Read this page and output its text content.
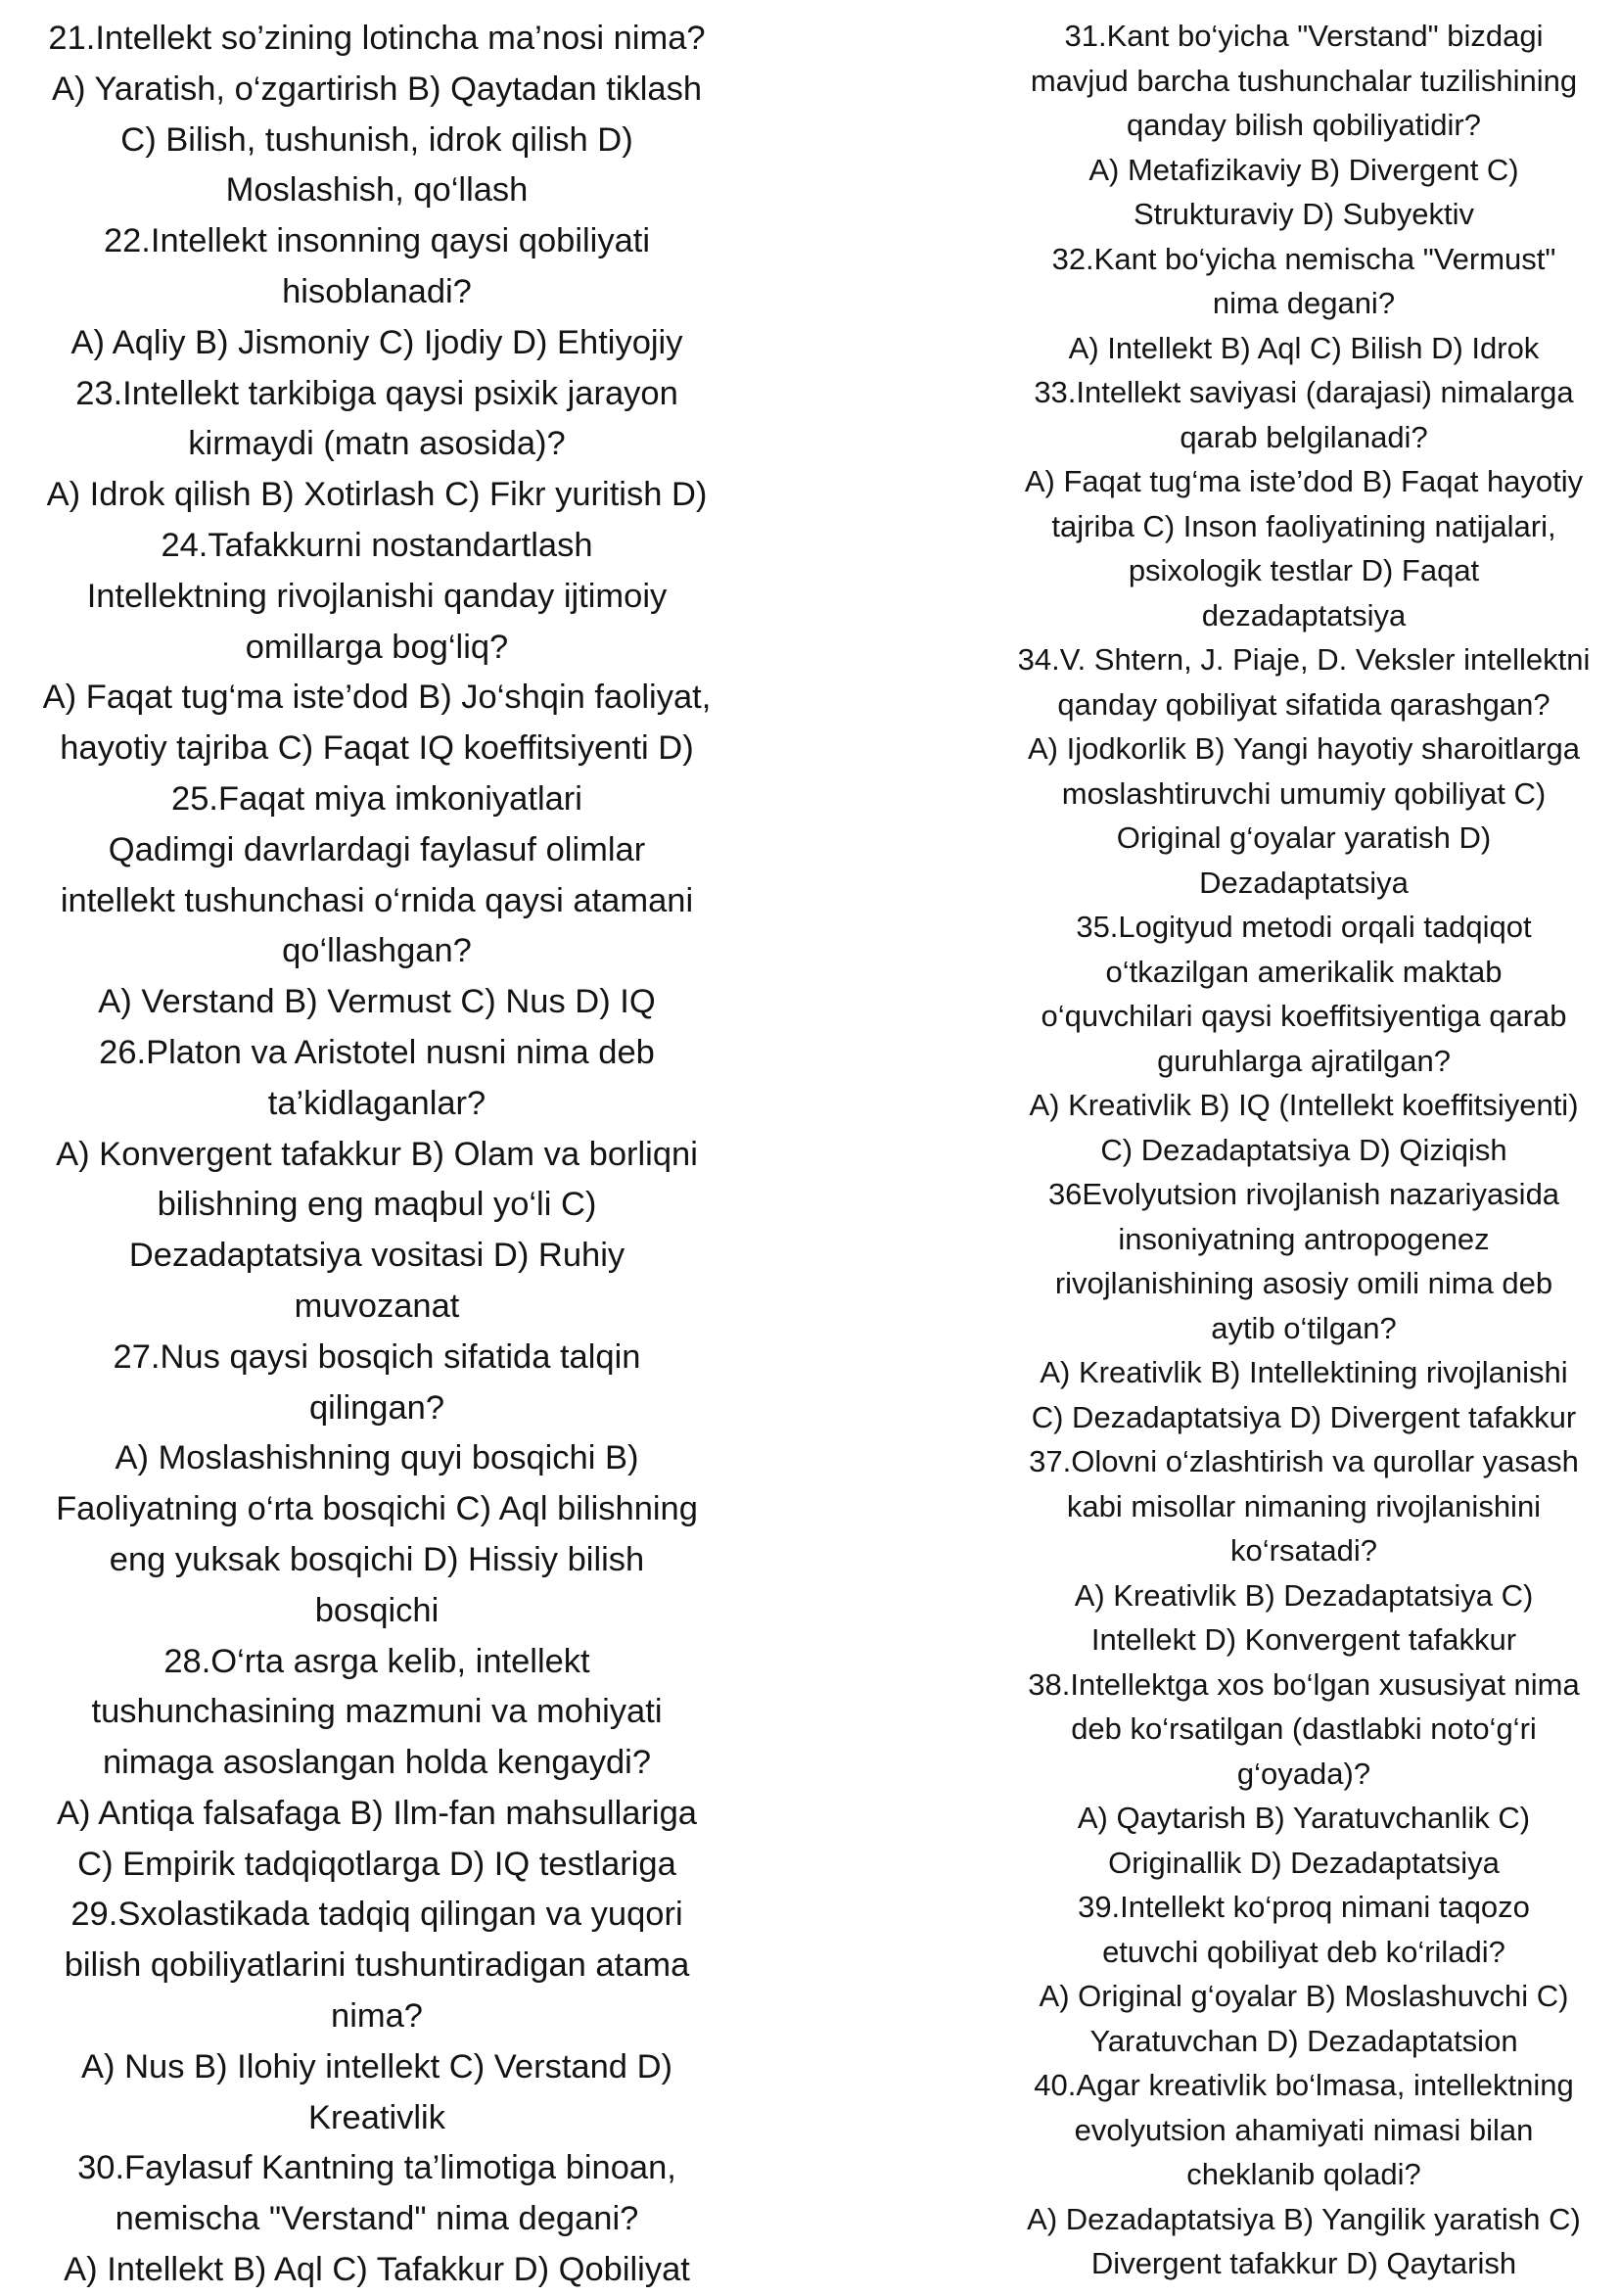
21.Intellekt so’zining lotincha ma’nosi nima?
A) Yaratish, o‘zgartirish B) Qaytadan tiklash
C) Bilish, tushunish, idrok qilish D)
Moslashish, qo‘llash
22.Intellekt insonning qaysi qobiliyati
hisoblanadi?
A) Aqliy B) Jismoniy C) Ijodiy D) Ehtiyojiy
23.Intellekt tarkibiga qaysi psixik jarayon
kirmaydi (matn asosida)?
A) Idrok qilish B) Xotirlash C) Fikr yuritish D)
24.Tafakkurni nostandartlash
Intellektning rivojlanishi qanday ijtimoiy
omillarga bog‘liq?
A) Faqat tug‘ma iste’dod B) Jo‘shqin faoliyat,
hayotiy tajriba C) Faqat IQ koeffitsiyenti D)
25.Faqat miya imkoniyatlari
Qadimgi davrlardagi faylasuf olimlar
intellekt tushunchasi o‘rnida qaysi atamani
qo‘llashgan?
A) Verstand B) Vermust C) Nus D) IQ
26.Platon va Aristotel nusni nima deb
ta’kidlaganlar?
A) Konvergent tafakkur B) Olam va borliqni
bilishning eng maqbul yo‘li C)
Dezadaptatsiya vositasi D) Ruhiy
muvozanat
27.Nus qaysi bosqich sifatida talqin
qilingan?
A) Moslashishning quyi bosqichi B)
Faoliyatning o‘rta bosqichi C) Aql bilishning
eng yuksak bosqichi D) Hissiy bilish
bosqichi
28.O‘rta asrga kelib, intellekt
tushunchasining mazmuni va mohiyati
nimaga asoslangan holda kengaydi?
A) Antiqa falsafaga B) Ilm-fan mahsullariga
C) Empirik tadqiqotlarga D) IQ testlariga
29.Sxolastikada tadqiq qilingan va yuqori
bilish qobiliyatlarini tushuntiradigan atama
nima?
A) Nus B) Ilohiy intellekt C) Verstand D)
Kreativlik
30.Faylasuf Kantning ta’limotiga binoan,
nemischa "Verstand" nima degani?
A) Intellekt B) Aql C) Tafakkur D) Qobiliyat
31.Kant bo‘yicha "Verstand" bizdagi
mavjud barcha tushunchalar tuzilishining
qanday bilish qobiliyatidir?
A) Metafizikaviy B) Divergent C)
Strukturaviy D) Subyektiv
32.Kant bo‘yicha nemischa "Vermust"
nima degani?
A) Intellekt B) Aql C) Bilish D) Idrok
33.Intellekt saviyasi (darajasi) nimalarga
qarab belgilanadi?
A) Faqat tug‘ma iste’dod B) Faqat hayotiy
tajriba C) Inson faoliyatining natijalari,
psixologik testlar D) Faqat
dezadaptatsiya
34.V. Shtern, J. Piaje, D. Veksler intellektni
qanday qobiliyat sifatida qarashgan?
A) Ijodkorlik B) Yangi hayotiy sharoitlarga
moslashtiruvchi umumiy qobiliyat C)
Original g‘oyalar yaratish D)
Dezadaptatsiya
35.Logityud metodi orqali tadqiqot
o‘tkazilgan amerikalik maktab
o‘quvchilari qaysi koeffitsiyentiga qarab
guruhlarga ajratilgan?
A) Kreativlik B) IQ (Intellekt koeffitsiyenti)
C) Dezadaptatsiya D) Qiziqish
36Evolyutsion rivojlanish nazariyasida
insoniyatning antropogenez
rivojlanishining asosiy omili nima deb
aytib o‘tilgan?
A) Kreativlik B) Intellektining rivojlanishi
C) Dezadaptatsiya D) Divergent tafakkur
37.Olovni o‘zlashtirish va qurollar yasash
kabi misollar nimaning rivojlanishini
ko‘rsatadi?
A) Kreativlik B) Dezadaptatsiya C)
Intellekt D) Konvergent tafakkur
38.Intellektga xos bo‘lgan xususiyat nima
deb ko‘rsatilgan (dastlabki noto‘g‘ri
g‘oyada)?
A) Qaytarish B) Yaratuvchanlik C)
Originallik D) Dezadaptatsiya
39.Intellekt ko‘proq nimani taqozo
etuvchi qobiliyat deb ko‘riladi?
A) Original g‘oyalar B) Moslashuvchi C)
Yaratuvchan D) Dezadaptatsion
40.Agar kreativlik bo‘lmasa, intellektning
evolyutsion ahamiyati nimasi bilan
cheklanib qoladi?
A) Dezadaptatsiya B) Yangilik yaratish C)
Divergent tafakkur D) Qaytarish
